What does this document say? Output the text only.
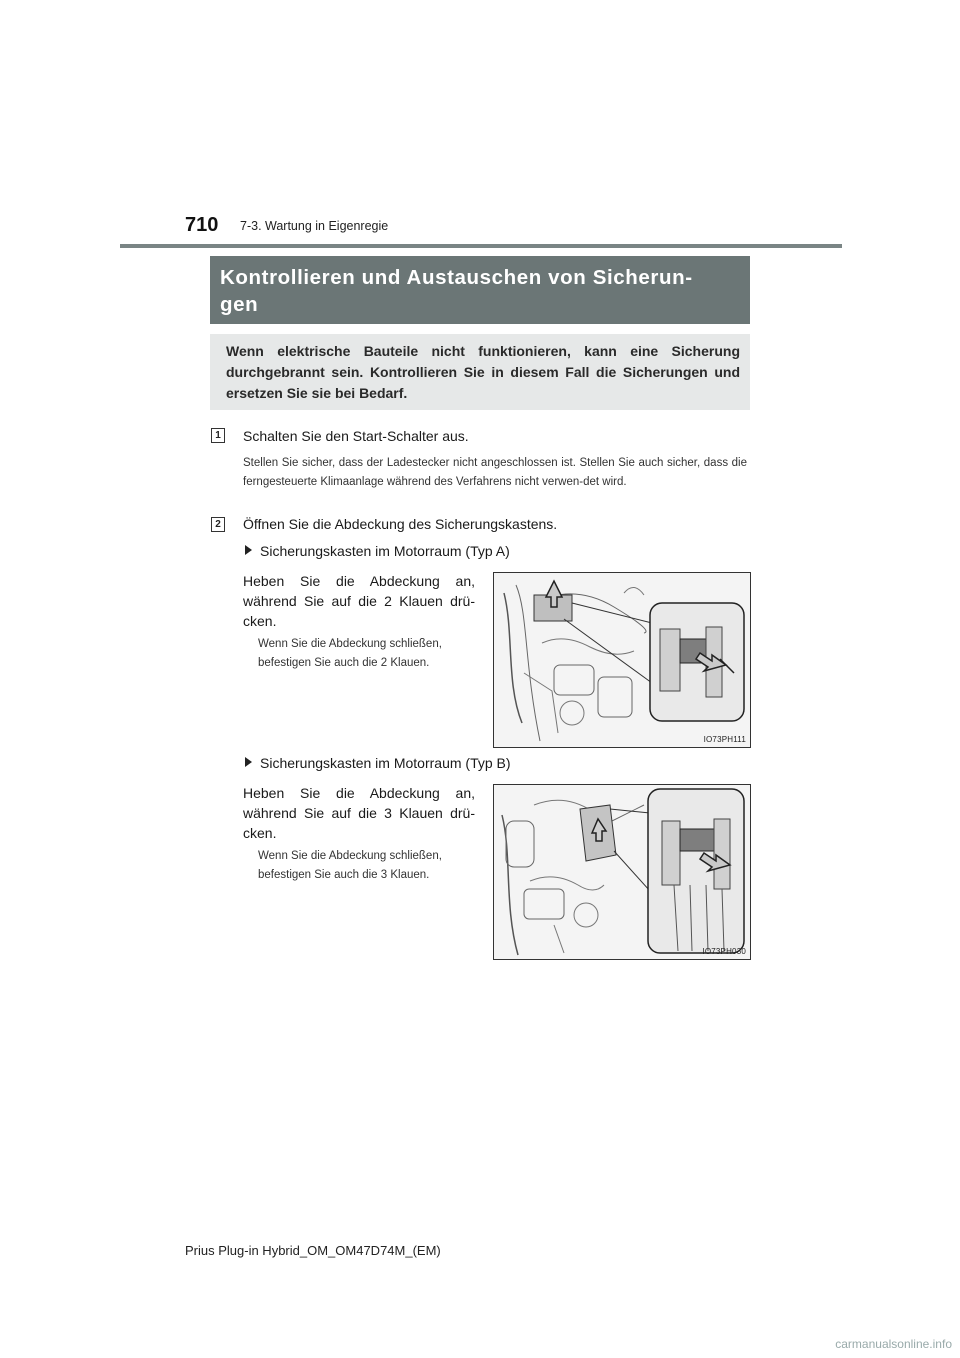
710 7-3. Wartung in Eigenregie
Kontrollieren und Austauschen von Sicherun-
gen
Wenn elektrische Bauteile nicht funktionieren, kann eine Sicherung durchgebrannt sein. Kontrollieren Sie in diesem Fall die Sicherungen und ersetzen Sie sie bei Bedarf.
1	Schalten Sie den Start-Schalter aus.
Stellen Sie sicher, dass der Ladestecker nicht angeschlossen ist. Stellen Sie auch sicher, dass die ferngesteuerte Klimaanlage während des Verfahrens nicht verwen-det wird.
2	Öffnen Sie die Abdeckung des Sicherungskastens.
Sicherungskasten im Motorraum (Typ A)
Heben Sie die Abdeckung an, während Sie auf die 2 Klauen drü-cken.
Wenn Sie die Abdeckung schließen, befestigen Sie auch die 2 Klauen.
IO73PH111
Sicherungskasten im Motorraum (Typ B)
Heben Sie die Abdeckung an, während Sie auf die 3 Klauen drü-cken.
Wenn Sie die Abdeckung schließen, befestigen Sie auch die 3 Klauen.
IO73PH030
Prius Plug-in Hybrid_OM_OM47D74M_(EM)
carmanualsonline.info
